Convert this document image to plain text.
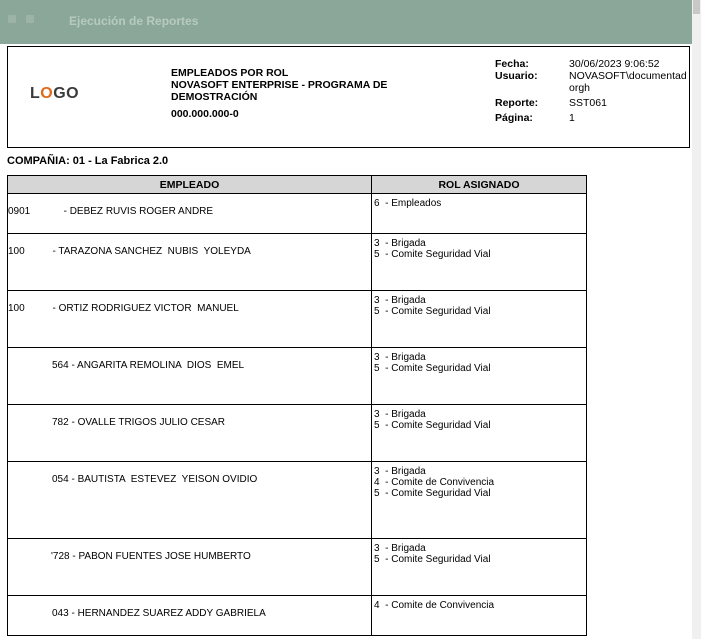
Ejecución de Reportes
LOGO
EMPLEADOS POR ROL
NOVASOFT ENTERPRISE - PROGRAMA DE DEMOSTRACIÓN
000.000.000-0
Fecha:	30/06/2023 9:06:52
Usuario:	NOVASOFT\documentadorgh
Reporte:	SST061
Página:	1
COMPAÑIA: 01 - La Fabrica 2.0
EMPLEADO	ROL ASIGNADO

0901            - DEBEZ RUVIS ROGER ANDRE	6  - Empleados

100          - TARAZONA SANCHEZ  NUBIS  YOLEYDA	3  - Brigada
5  - Comite Seguridad Vial

100          - ORTIZ RODRIGUEZ VICTOR  MANUEL	3  - Brigada
5  - Comite Seguridad Vial

564 - ANGARITA REMOLINA  DIOS  EMEL	3  - Brigada
5  - Comite Seguridad Vial

782 - OVALLE TRIGOS JULIO CESAR	3  - Brigada
5  - Comite Seguridad Vial

054 - BAUTISTA  ESTEVEZ  YEISON OVIDIO	3  - Brigada
4  - Comite de Convivencia
5  - Comite Seguridad Vial

'728 - PABON FUENTES JOSE HUMBERTO	3  - Brigada
5  - Comite Seguridad Vial

043 - HERNANDEZ SUAREZ ADDY GABRIELA	4  - Comite de Convivencia
